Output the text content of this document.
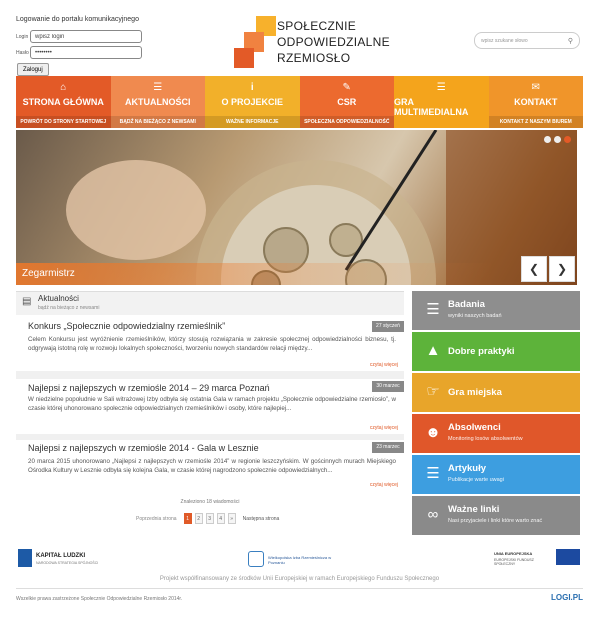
Logowanie do portalu komunikacyjnego
Login
wpisz login
Hasło
••••••••
Zaloguj
SPOŁECZNIE
ODPOWIEDZIALNE
RZEMIOSŁO
wpisz szukane słowo	⚲
⌂
STRONA GŁÓWNA
POWRÓT DO STRONY STARTOWEJ
☰
AKTUALNOŚCI
BĄDŹ NA BIEŻĄCO Z NEWSAMI
i
O PROJEKCIE
WAŻNE INFORMACJE
✎
CSR
SPOŁECZNA ODPOWIEDZIALNOŚĆ
☰
GRA MULTIMEDIALNA
✉
KONTAKT
KONTAKT Z NASZYM BIUREM
❮	❯
Zegarmistrz
▤ Aktualności
bądź na bieżąco z newsami
Konkurs „Społecznie odpowiedzialny rzemieślnik”	27 styczeń
Celem Konkursu jest wyróżnienie rzemieślników, którzy stosują rozwiązania w zakresie społecznej odpowiedzialności biznesu, tj. odgrywają istotną rolę w rozwoju lokalnych społeczności, tworzeniu nowych standardów relacji między...
czytaj więcej
Najlepsi z najlepszych w rzemiośle 2014 – 29 marca Poznań	30 marzec
W niedzielne popołudnie w Sali witrażowej Izby odbyła się ostatnia Gala w ramach projektu „Społecznie odpowiedzialne rzemiosło”, w czasie której uhonorowano społecznie odpowiedzialnych rzemieślników i osoby, które najlepiej...
czytaj więcej
Najlepsi z najlepszych w rzemiośle 2014 - Gala w Lesznie	23 marzec
20 marca 2015 uhonorowano „Najlepsi z najlepszych w rzemiośle 2014” w regionie leszczyńskim. W gościnnych murach Miejskiego Ośrodka Kultury w Lesznie odbyła się kolejna Gala, w czasie której nagrodzono społecznie odpowiedzialnych...
czytaj więcej
Znaleziono 18 wiadomości
Poprzednia strona	1	2	3	4	»	Następna strona
☰ Badania
wyniki naszych badań
▲ Dobre praktyki
☞ Gra miejska
☻ Absolwenci
Monitoring losów absolwentów
☰ Artykuły
Publikacje warte uwagi
∞	Ważne linki
Nasi przyjaciele i linki które warto znać
KAPITAŁ LUDZKI
NARODOWA STRATEGIA SPÓJNOŚCI
Wielkopolska Izba Rzemieślnicza w Poznaniu
UNIA EUROPEJSKA
EUROPEJSKI FUNDUSZ SPOŁECZNY
Projekt współfinansowany ze środków Unii Europejskiej w ramach Europejskiego Funduszu Społecznego
Wszelkie prawa zastrzeżone Społecznie Odpowiedzialne Rzemiosło 2014r.	LOGI.PL
